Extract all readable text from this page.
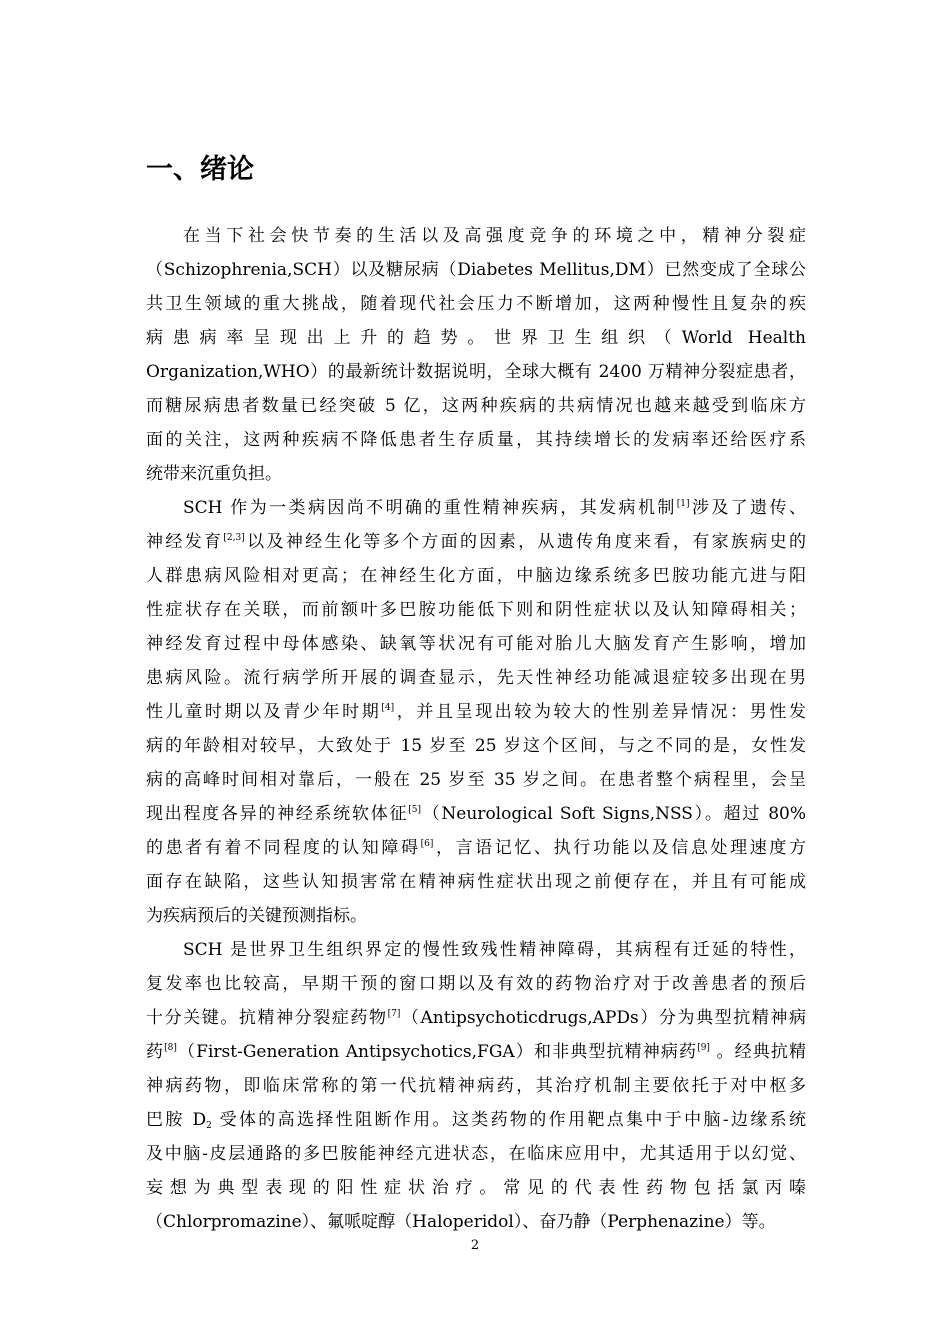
一、绪论
在当下社会快节奏的生活以及高强度竞争的环境之中，精神分裂症
（Schizophrenia,SCH）以及糖尿病（Diabetes Mellitus,DM）已然变成了全球公
共卫生领域的重大挑战，随着现代社会压力不断增加，这两种慢性且复杂的疾
病患病率呈现出上升的趋势。世界卫生组织（World Health
Organization,WHO）的最新统计数据说明，全球大概有 2400 万精神分裂症患者，
而糖尿病患者数量已经突破 5 亿，这两种疾病的共病情况也越来越受到临床方
面的关注，这两种疾病不降低患者生存质量，其持续增长的发病率还给医疗系
统带来沉重负担。
SCH 作为一类病因尚不明确的重性精神疾病，其发病机制[1]涉及了遗传、
神经发育[2,3]以及神经生化等多个方面的因素，从遗传角度来看，有家族病史的
人群患病风险相对更高；在神经生化方面，中脑边缘系统多巴胺功能亢进与阳
性症状存在关联，而前额叶多巴胺功能低下则和阴性症状以及认知障碍相关；
神经发育过程中母体感染、缺氧等状况有可能对胎儿大脑发育产生影响，增加
患病风险。流行病学所开展的调查显示，先天性神经功能减退症较多出现在男
性儿童时期以及青少年时期[4]，并且呈现出较为较大的性别差异情况：男性发
病的年龄相对较早，大致处于 15 岁至 25 岁这个区间，与之不同的是，女性发
病的高峰时间相对靠后，一般在 25 岁至 35 岁之间。在患者整个病程里，会呈
现出程度各异的神经系统软体征[5]（Neurological Soft Signs,NSS）。超过 80%
的患者有着不同程度的认知障碍[6]，言语记忆、执行功能以及信息处理速度方
面存在缺陷，这些认知损害常在精神病性症状出现之前便存在，并且有可能成
为疾病预后的关键预测指标。
SCH 是世界卫生组织界定的慢性致残性精神障碍，其病程有迁延的特性，
复发率也比较高，早期干预的窗口期以及有效的药物治疗对于改善患者的预后
十分关键。抗精神分裂症药物[7]（Antipsychoticdrugs,APDs）分为典型抗精神病
药[8]（First-Generation Antipsychotics,FGA）和非典型抗精神病药[9] 。经典抗精
神病药物，即临床常称的第一代抗精神病药，其治疗机制主要依托于对中枢多
巴胺 $D_2$ 受体的高选择性阻断作用。这类药物的作用靶点集中于中脑-边缘系统
及中脑-皮层通路的多巴胺能神经亢进状态，在临床应用中，尤其适用于以幻觉、
妄想为典型表现的阳性症状治疗。常见的代表性药物包括氯丙嗪
（Chlorpromazine）、氟哌啶醇（Haloperidol）、奋乃静（Perphenazine）等。
2
